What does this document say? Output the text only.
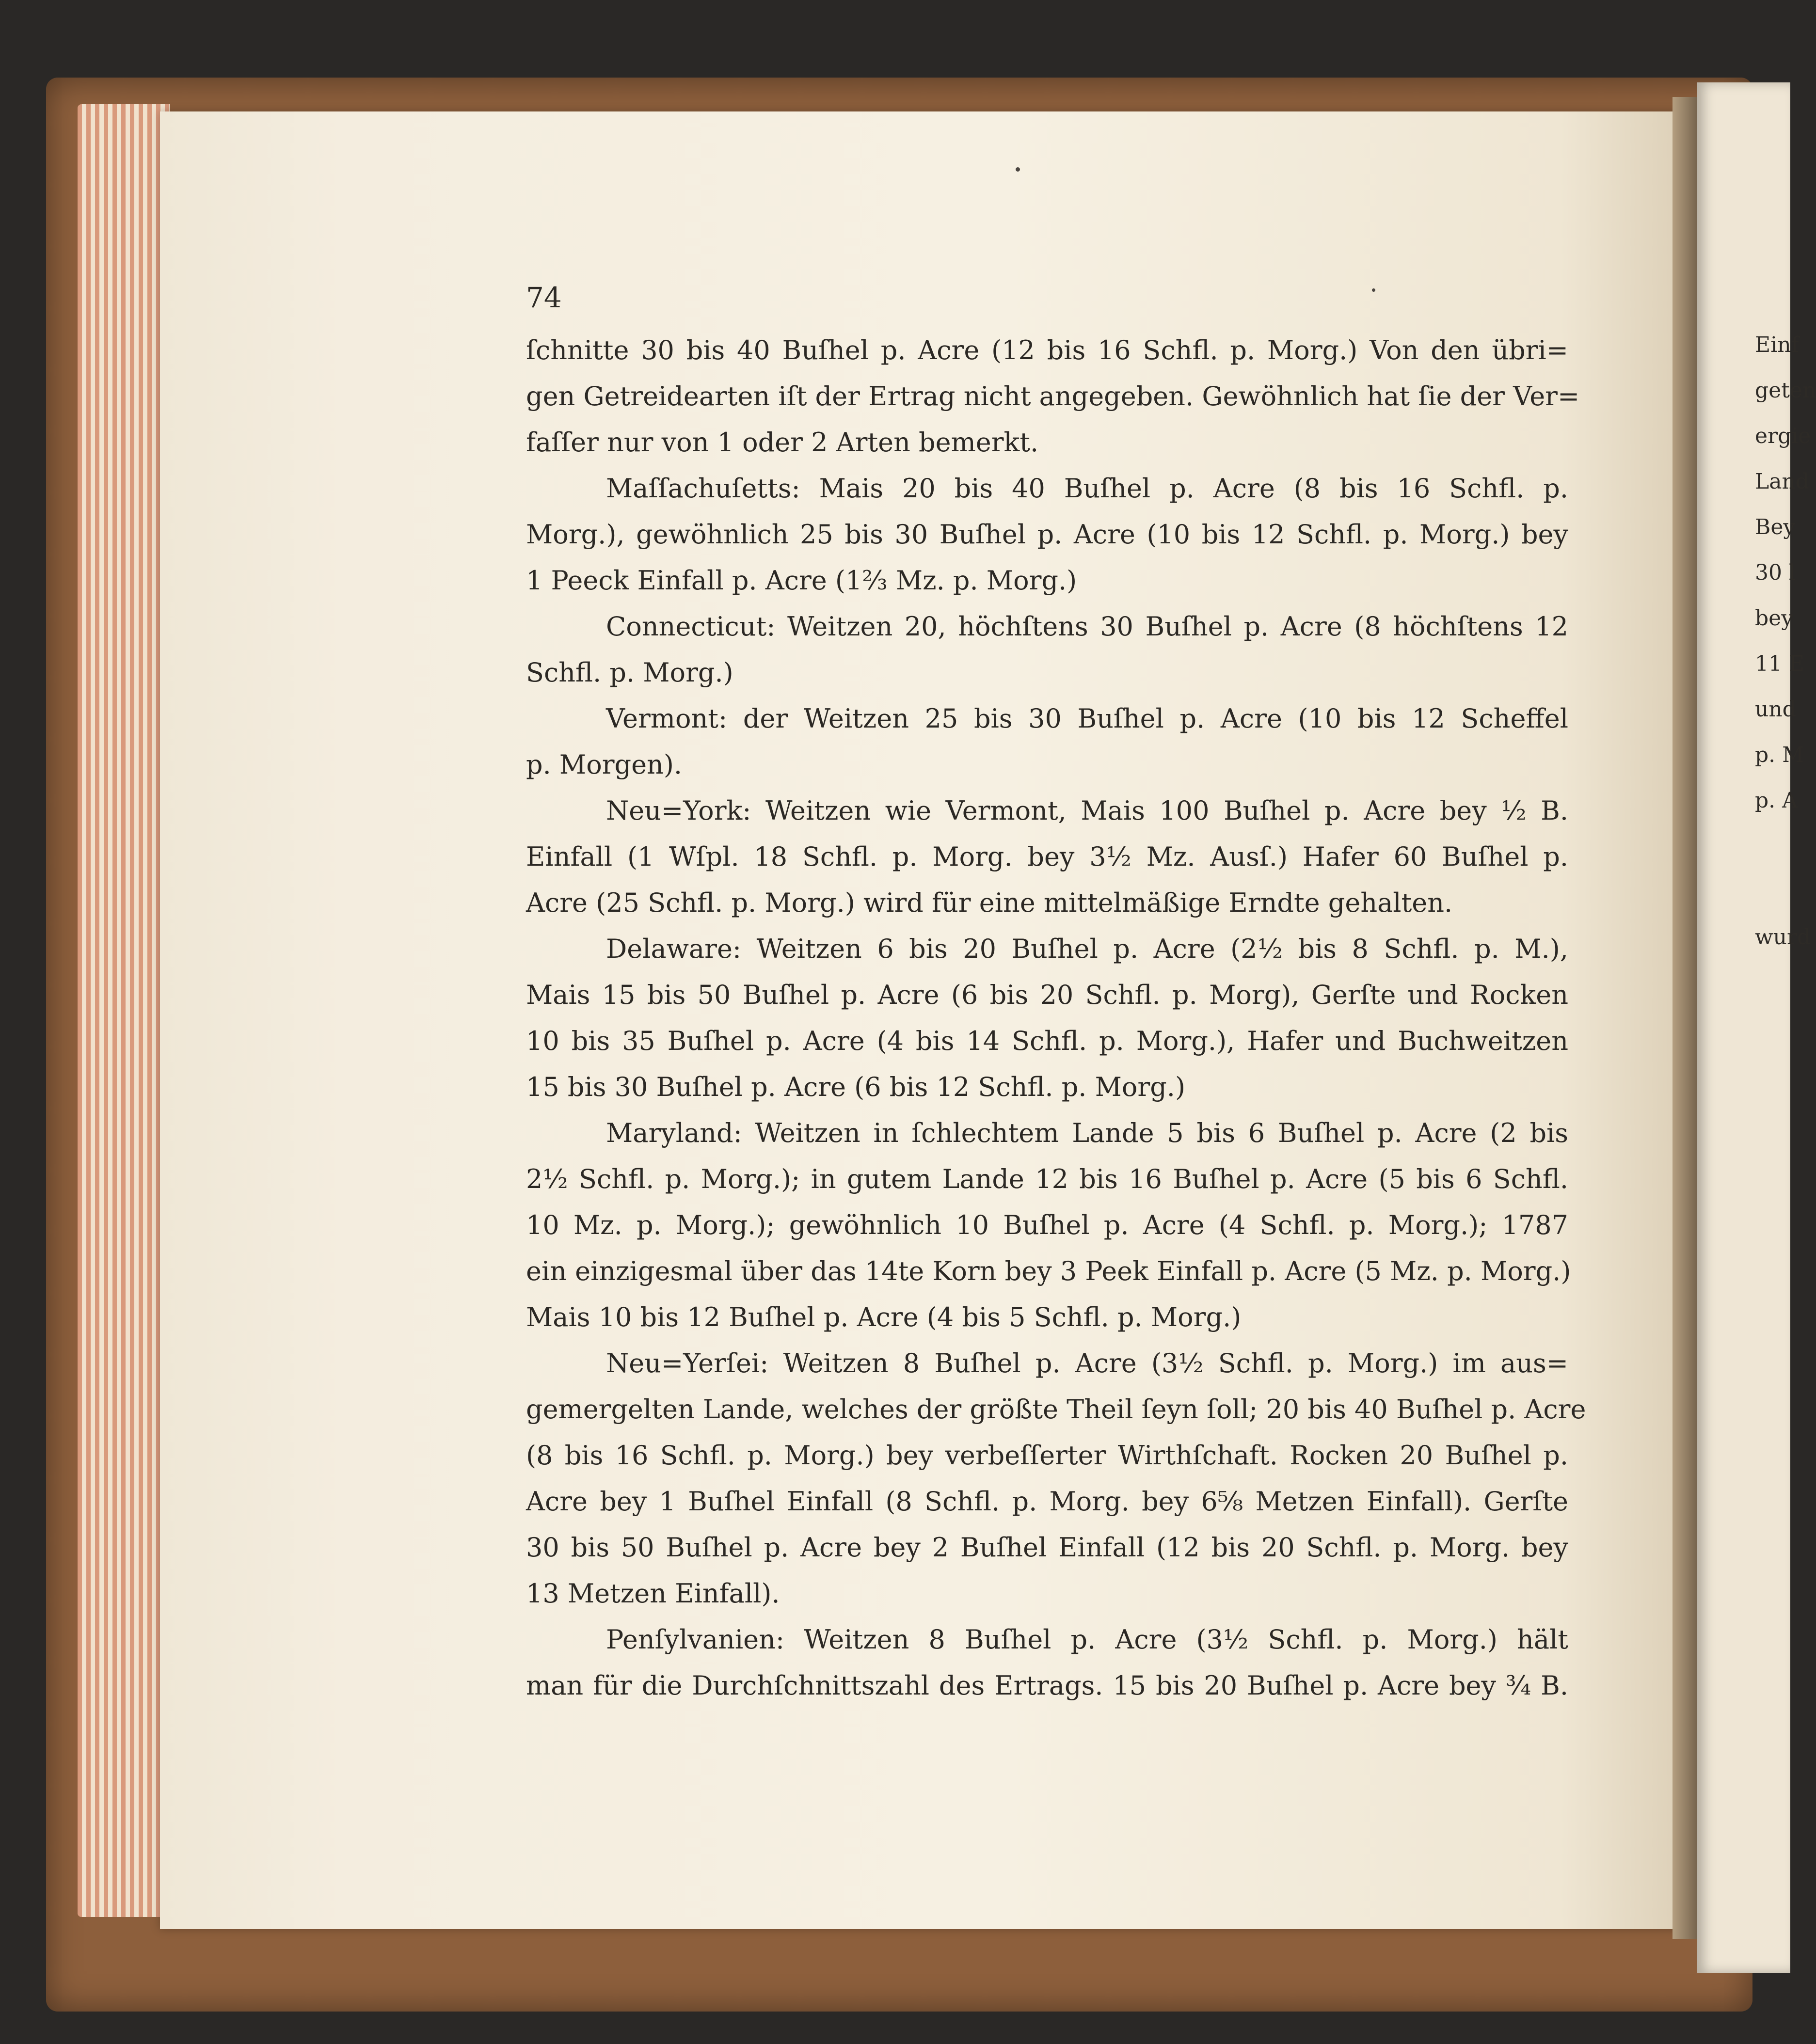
74
ſchnitte 30 bis 40 Buſhel p. Acre (12 bis 16 Schfl. p. Morg.) Von den übri=
gen Getreidearten iſt der Ertrag nicht angegeben. Gewöhnlich hat ſie der Ver=
faſſer nur von 1 oder 2 Arten bemerkt.
Maſſachuſetts: Mais 20 bis 40 Buſhel p. Acre (8 bis 16 Schfl. p.
Morg.), gewöhnlich 25 bis 30 Buſhel p. Acre (10 bis 12 Schfl. p. Morg.) bey
1 Peeck Einfall p. Acre (1⅔ Mz. p. Morg.)
Connecticut: Weitzen 20, höchſtens 30 Buſhel p. Acre (8 höchſtens 12
Schfl. p. Morg.)
Vermont: der Weitzen 25 bis 30 Buſhel p. Acre (10 bis 12 Scheffel
p. Morgen).
Neu=York: Weitzen wie Vermont, Mais 100 Buſhel p. Acre bey ½ B.
Einfall (1 Wſpl. 18 Schfl. p. Morg. bey 3½ Mz. Ausſ.) Hafer 60 Buſhel p.
Acre (25 Schfl. p. Morg.) wird für eine mittelmäßige Erndte gehalten.
Delaware: Weitzen 6 bis 20 Buſhel p. Acre (2½ bis 8 Schfl. p. M.),
Mais 15 bis 50 Buſhel p. Acre (6 bis 20 Schfl. p. Morg), Gerſte und Rocken
10 bis 35 Buſhel p. Acre (4 bis 14 Schfl. p. Morg.), Hafer und Buchweitzen
15 bis 30 Buſhel p. Acre (6 bis 12 Schfl. p. Morg.)
Maryland: Weitzen in ſchlechtem Lande 5 bis 6 Buſhel p. Acre (2 bis
2½ Schfl. p. Morg.); in gutem Lande 12 bis 16 Buſhel p. Acre (5 bis 6 Schfl.
10 Mz. p. Morg.); gewöhnlich 10 Buſhel p. Acre (4 Schfl. p. Morg.); 1787
ein einzigesmal über das 14te Korn bey 3 Peek Einfall p. Acre (5 Mz. p. Morg.)
Mais 10 bis 12 Buſhel p. Acre (4 bis 5 Schfl. p. Morg.)
Neu=Yerſei: Weitzen 8 Buſhel p. Acre (3½ Schfl. p. Morg.) im aus=
gemergelten Lande, welches der größte Theil ſeyn ſoll; 20 bis 40 Buſhel p. Acre
(8 bis 16 Schfl. p. Morg.) bey verbeſſerter Wirthſchaft. Rocken 20 Buſhel p.
Acre bey 1 Buſhel Einfall (8 Schfl. p. Morg. bey 6⅝ Metzen Einfall). Gerſte
30 bis 50 Buſhel p. Acre bey 2 Buſhel Einfall (12 bis 20 Schfl. p. Morg. bey
13 Metzen Einfall).
Penſylvanien: Weitzen 8 Buſhel p. Acre (3½ Schfl. p. Morg.) hält
man für die Durchſchnittszahl des Ertrags. 15 bis 20 Buſhel p. Acre bey ¾ B.
Einf
geten
ergie
Land
Bey
30 l
bey
11 E
und
p. M
p. A
wurd
